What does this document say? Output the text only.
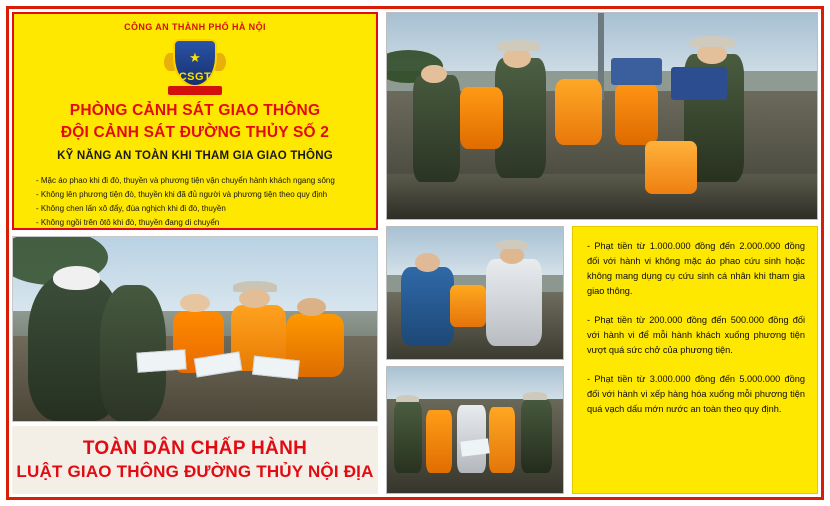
CÔNG AN THÀNH PHỐ HÀ NỘI
★
CSGT
PHÒNG CẢNH SÁT GIAO THÔNG
ĐỘI CẢNH SÁT ĐƯỜNG THỦY SỐ 2
KỸ NĂNG AN TOÀN KHI THAM GIA GIAO THÔNG
- Mặc áo phao khi đi đò, thuyền và phương tiện vận chuyển hành khách ngang sông
- Không lên phương tiện đò, thuyền khi đã đủ người và phương tiện theo quy định
- Không chen lấn xô đẩy, đùa nghịch khi đi đò, thuyền
- Không ngồi trên ôtô khi đò, thuyền đang di chuyển
TOÀN DÂN CHẤP HÀNH
LUẬT GIAO THÔNG ĐƯỜNG THỦY NỘI ĐỊA

- Phạt tiền từ 1.000.000 đồng đến 2.000.000 đồng đối với hành vi không mặc áo phao cứu sinh hoặc không mang dụng cụ cứu sinh cá nhân khi tham gia giao thông.

- Phạt tiền từ 200.000 đồng đến 500.000 đồng đối với hành vi để mỗi hành khách xuống phương tiện vượt quá sức chở của phương tiện.

- Phạt tiền từ 3.000.000 đồng đến 5.000.000 đồng đối với hành vi xếp hàng hóa xuống mỗi phương tiện quá vạch dấu mớn nước an toàn theo quy định.
